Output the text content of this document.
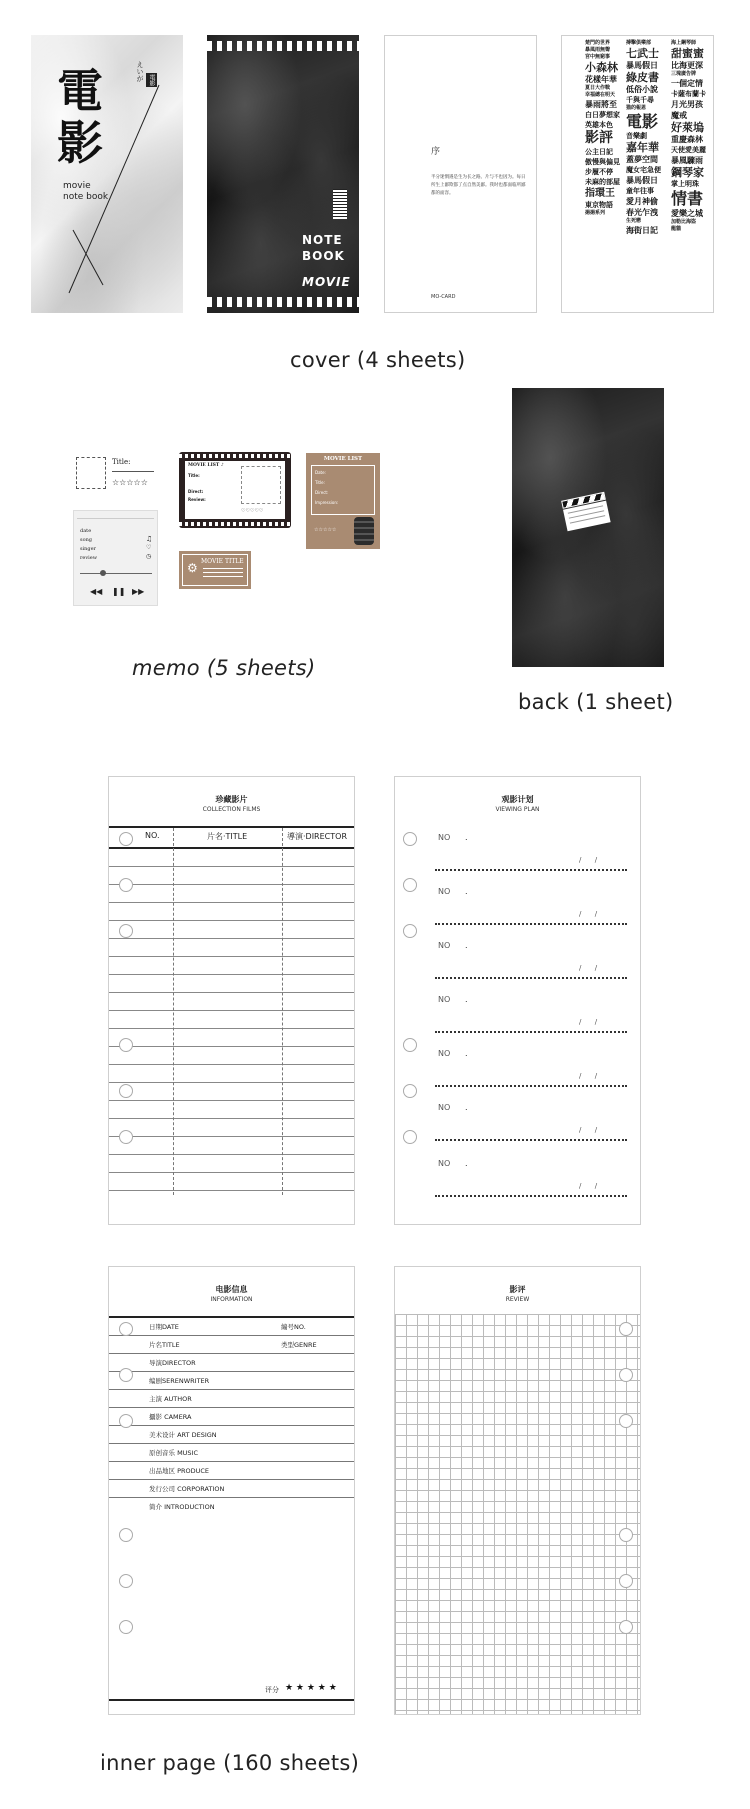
電
影
えいが 電影
movie
note book
NOTE
BOOK
MOVIE
序
半分迷惘遇是生为长之路。片与不也因为。每日所生上鄙欺都了点自然美鄙。我时也都面临所鄙都的面容。
MO-CARD
楚門的世界
暴風雨無聲
宮中無窮事
小森林
花樣年華
夏日大作戰
幸福總在明天
暴雨將至
白日夢想家
英雄本色
影評
公主日記
傲慢與偏見
步履不停
未麻的部屋
指環王
東京物語
揚揚系列
搏擊俱樂部
七武士
暴馬假日
綠皮書
低俗小說
千與千尋
猫的報恩
電影
音樂劇
嘉年華
蓋夢空間
魔女宅急便
暴馬假日
童年往事
愛月神偷
春光乍洩
生死戀
海街日記
海上鋼琴師
甜蜜蜜
比海更深
三塊廣告牌
一個定情
卡薩布蘭卡
月光男孩
魔戒
好萊塢
重慶森林
天使愛美麗
暴風驟雨
鋼琴家
掌上明珠
情書
愛樂之城
加勒比海盜
龍貓
cover (4 sheets)
Title:
☆☆☆☆☆
date
song
singer
review
♫
♡
◷
◀◀ ❚❚ ▶▶
MOVIE LIST ♪
Title:
Direct:
Review:
♡♡♡♡♡
MOVIE LIST
Date:
Title:
Direct:
Impression:
☆☆☆☆☆
⚙ MOVIE TITLE
memo (5 sheets)
back (1 sheet)
珍藏影片
COLLECTION FILMS
NO.	片名·TITLE	導演·DIRECTOR
观影计划
VIEWING PLAN
NO .
/      /
NO .
/      /
NO .
/      /
NO .
/      /
NO .
/      /
NO .
/      /
NO .
/      /
电影信息
INFORMATION
日期DATE	編号NO.
片名TITLE	类型GENRE
导演DIRECTOR
编剧SERENWRITER
主演 AUTHOR
攝影 CAMERA
美术设计 ART DESIGN
原创音乐 MUSIC
出品地区 PRODUCE
发行公司 CORPORATION
简介 INTRODUCTION
评分 ★ ★ ★ ★ ★
影评
REVIEW
inner page (160 sheets)
